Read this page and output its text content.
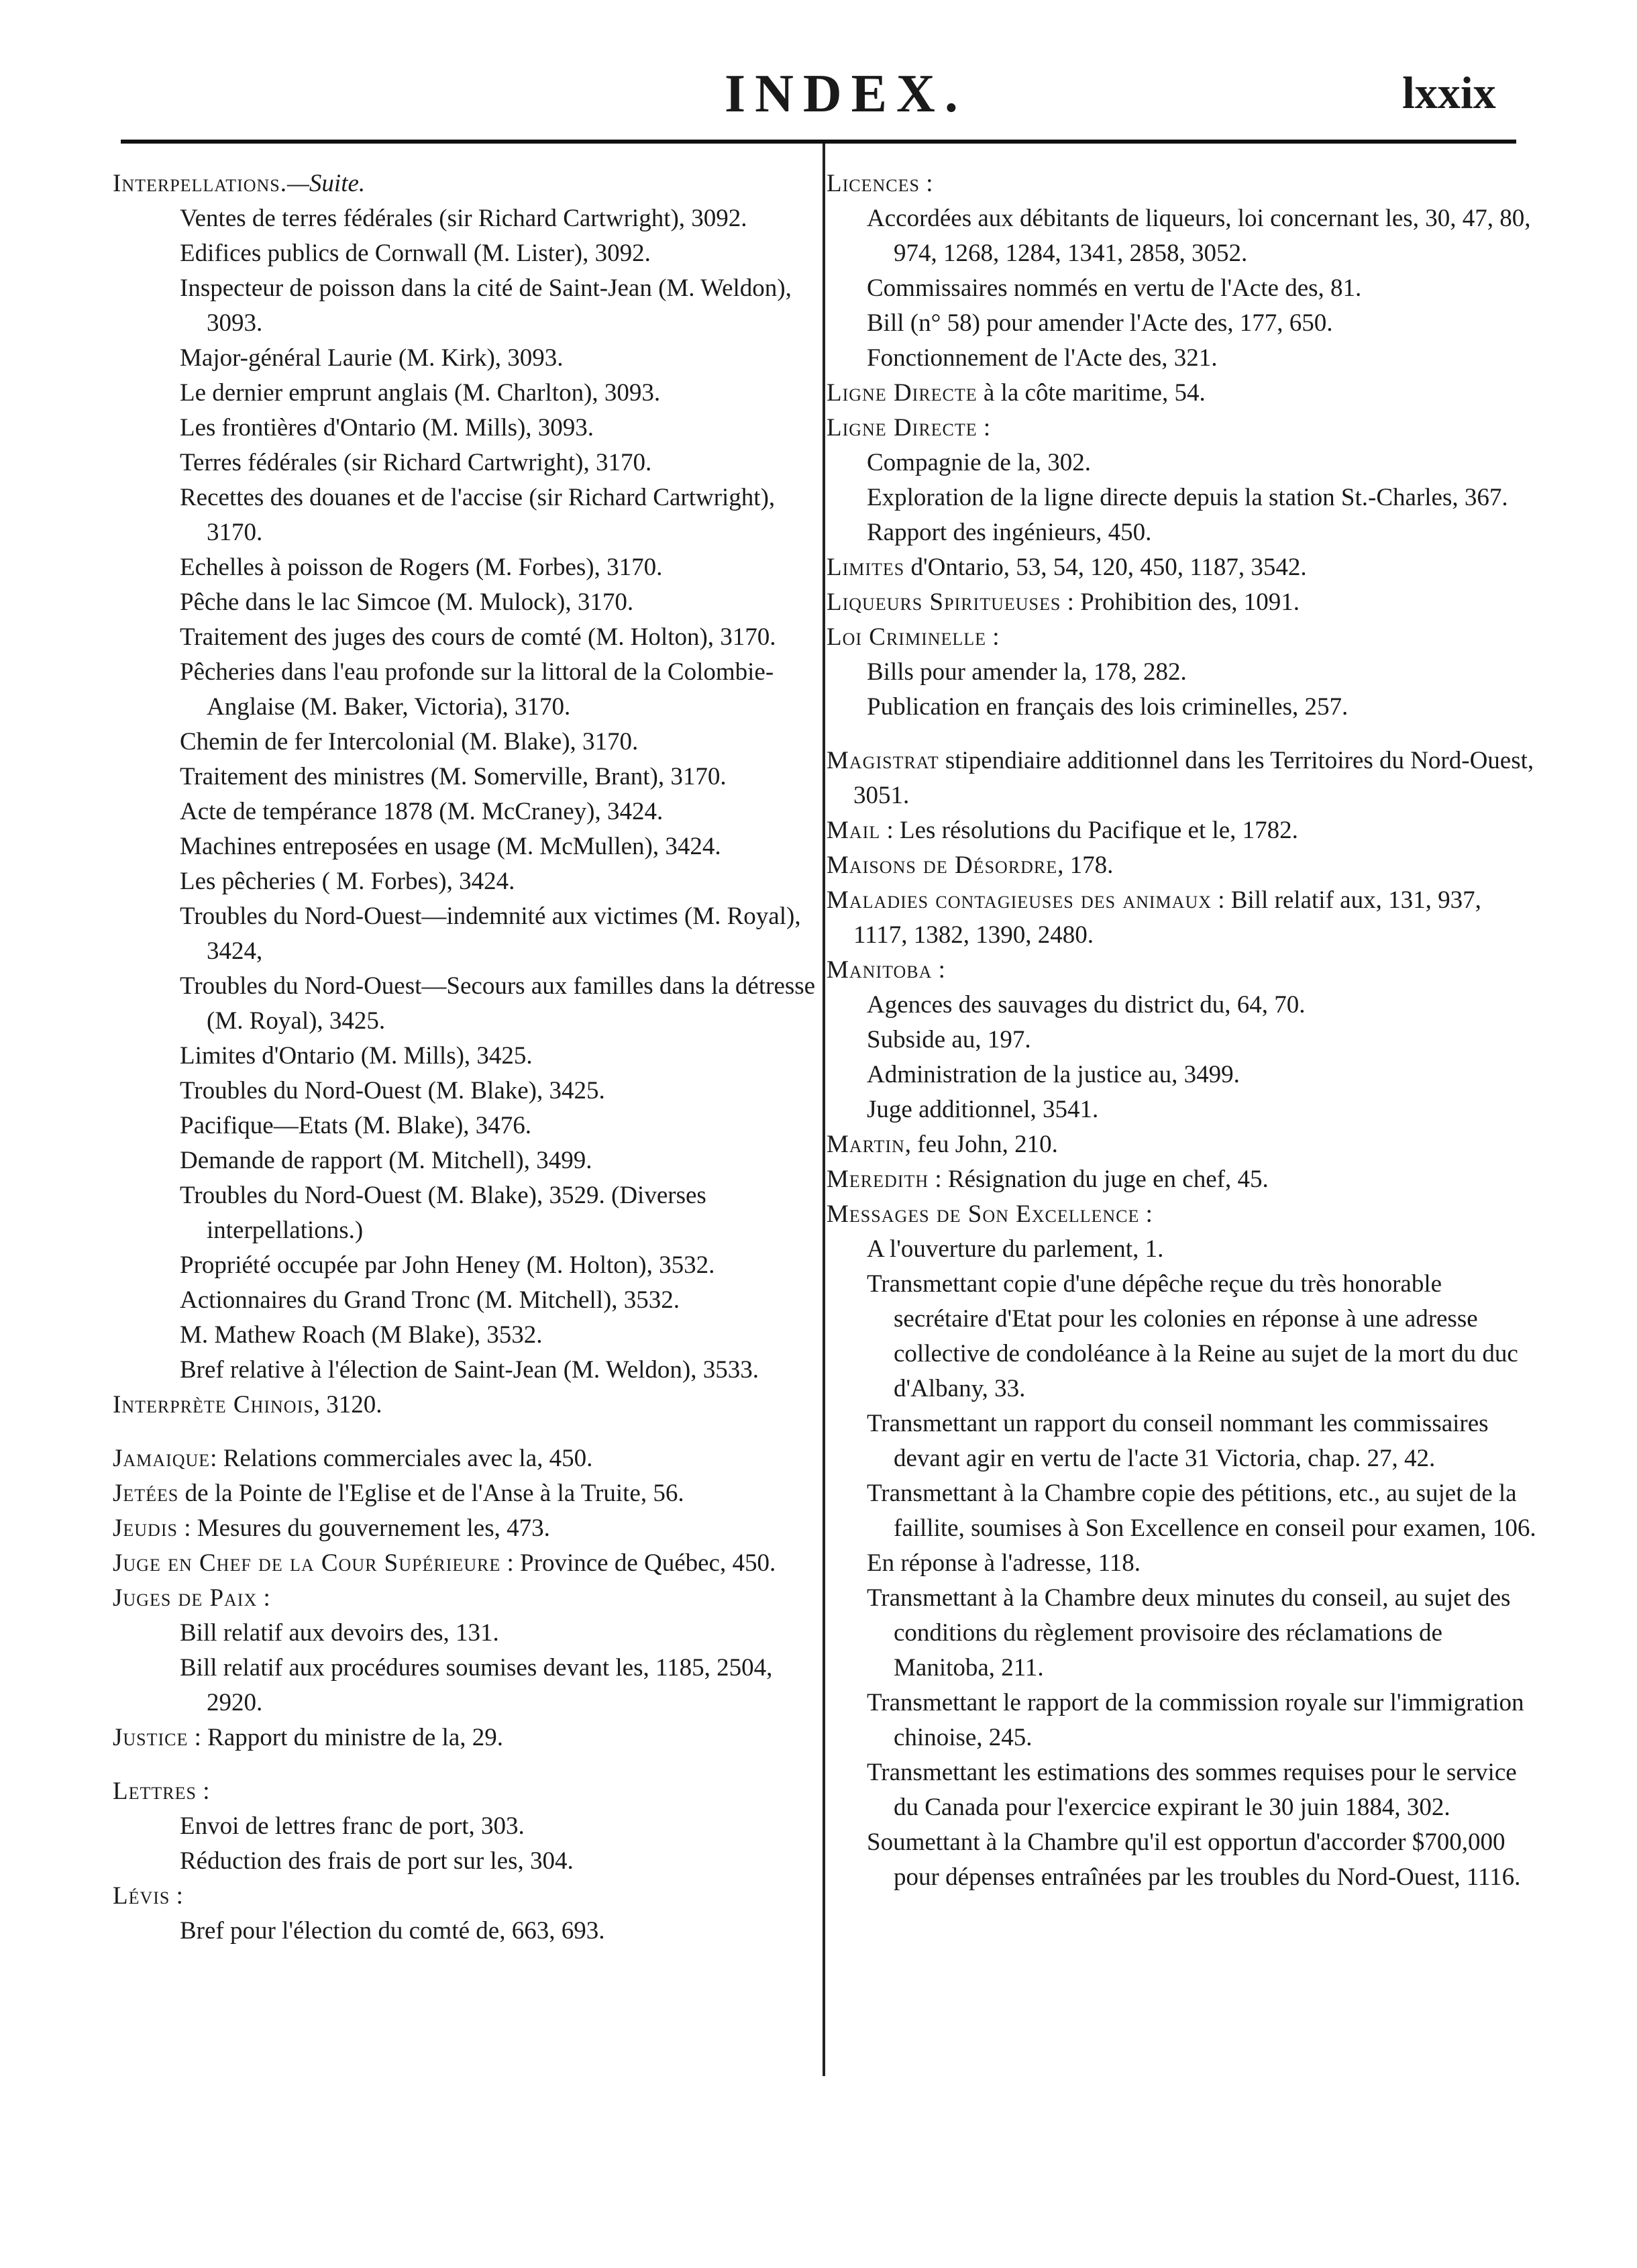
INDEX.	lxxix

Interpellations.—Suite.

Ventes de terres fédérales (sir Richard Cartwright), 3092.

Edifices publics de Cornwall (M. Lister), 3092.

Inspecteur de poisson dans la cité de Saint-Jean (M. Weldon), 3093.

Major-général Laurie (M. Kirk), 3093.

Le dernier emprunt anglais (M. Charlton), 3093.

Les frontières d'Ontario (M. Mills), 3093.

Terres fédérales (sir Richard Cartwright), 3170.

Recettes des douanes et de l'accise (sir Richard Cartwright), 3170.

Echelles à poisson de Rogers (M. Forbes), 3170.

Pêche dans le lac Simcoe (M. Mulock), 3170.

Traitement des juges des cours de comté (M. Holton), 3170.

Pêcheries dans l'eau profonde sur la littoral de la Colombie-Anglaise (M. Baker, Victoria), 3170.

Chemin de fer Intercolonial (M. Blake), 3170.

Traitement des ministres (M. Somerville, Brant), 3170.

Acte de tempérance 1878 (M. McCraney), 3424.

Machines entreposées en usage (M. McMullen), 3424.

Les pêcheries ( M. Forbes), 3424.

Troubles du Nord-Ouest—indemnité aux victimes (M. Royal), 3424,

Troubles du Nord-Ouest—Secours aux familles dans la détresse (M. Royal), 3425.

Limites d'Ontario (M. Mills), 3425.

Troubles du Nord-Ouest (M. Blake), 3425.

Pacifique—Etats (M. Blake), 3476.

Demande de rapport (M. Mitchell), 3499.

Troubles du Nord-Ouest (M. Blake), 3529. (Diverses interpellations.)

Propriété occupée par John Heney (M. Holton), 3532.

Actionnaires du Grand Tronc (M. Mitchell), 3532.

M. Mathew Roach (M Blake), 3532.

Bref relative à l'élection de Saint-Jean (M. Weldon), 3533.

Interprète Chinois, 3120.

Jamaique: Relations commerciales avec la, 450.

Jetées de la Pointe de l'Eglise et de l'Anse à la Truite, 56.

Jeudis : Mesures du gouvernement les, 473.

Juge en Chef de la Cour Supérieure : Province de Québec, 450.

Juges de Paix :

Bill relatif aux devoirs des, 131.

Bill relatif aux procédures soumises devant les, 1185, 2504, 2920.

Justice : Rapport du ministre de la, 29.

Lettres :

Envoi de lettres franc de port, 303.

Réduction des frais de port sur les, 304.

Lévis :

Bref pour l'élection du comté de, 663, 693.

Licences :

Accordées aux débitants de liqueurs, loi concernant les, 30, 47, 80, 974, 1268, 1284, 1341, 2858, 3052.

Commissaires nommés en vertu de l'Acte des, 81.

Bill (n° 58) pour amender l'Acte des, 177, 650.

Fonctionnement de l'Acte des, 321.

Ligne Directe à la côte maritime, 54.

Ligne Directe :

Compagnie de la, 302.

Exploration de la ligne directe depuis la station St.-Charles, 367.

Rapport des ingénieurs, 450.

Limites d'Ontario, 53, 54, 120, 450, 1187, 3542.

Liqueurs Spiritueuses : Prohibition des, 1091.

Loi Criminelle :

Bills pour amender la, 178, 282.

Publication en français des lois criminelles, 257.

Magistrat stipendiaire additionnel dans les Territoires du Nord-Ouest, 3051.

Mail : Les résolutions du Pacifique et le, 1782.

Maisons de Désordre, 178.

Maladies contagieuses des animaux : Bill relatif aux, 131, 937, 1117, 1382, 1390, 2480.

Manitoba :

Agences des sauvages du district du, 64, 70.

Subside au, 197.

Administration de la justice au, 3499.

Juge additionnel, 3541.

Martin, feu John, 210.

Meredith : Résignation du juge en chef, 45.

Messages de Son Excellence :

A l'ouverture du parlement, 1.

Transmettant copie d'une dépêche reçue du très honorable secrétaire d'Etat pour les colonies en réponse à une adresse collective de condoléance à la Reine au sujet de la mort du duc d'Albany, 33.

Transmettant un rapport du conseil nommant les commissaires devant agir en vertu de l'acte 31 Victoria, chap. 27, 42.

Transmettant à la Chambre copie des pétitions, etc., au sujet de la faillite, soumises à Son Excellence en conseil pour examen, 106.

En réponse à l'adresse, 118.

Transmettant à la Chambre deux minutes du conseil, au sujet des conditions du règlement provisoire des réclamations de Manitoba, 211.

Transmettant le rapport de la commission royale sur l'immigration chinoise, 245.

Transmettant les estimations des sommes requises pour le service du Canada pour l'exercice expirant le 30 juin 1884, 302.

Soumettant à la Chambre qu'il est opportun d'accorder $700,000 pour dépenses entraînées par les troubles du Nord-Ouest, 1116.
